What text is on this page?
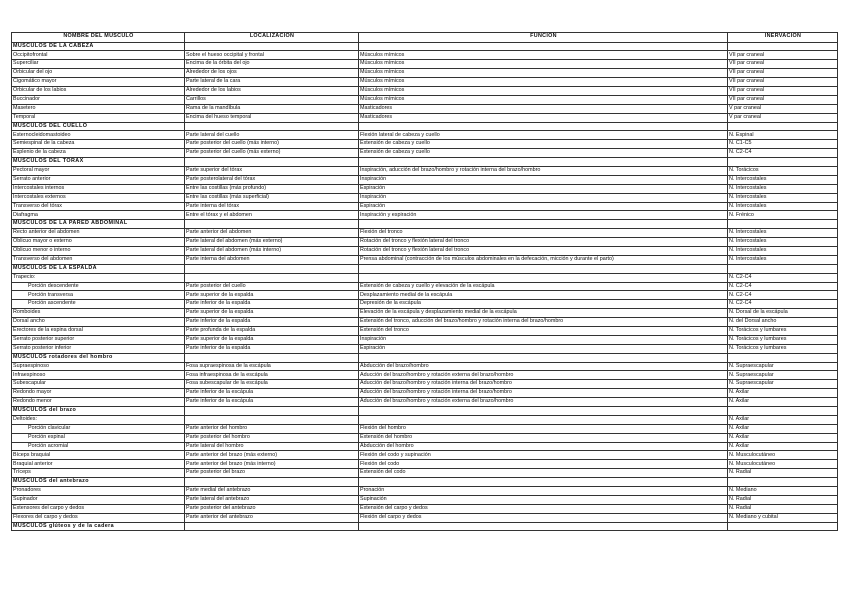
NOMBRE DEL MÚSCULO	LOCALIZACIÓN	FUNCIÓN	INERVACIÓN
MÚSCULOS DE LA CABEZA			
Occipitofrontal	Sobre el hueso occipital y frontal	Músculos mímicos	VII par craneal
Superciliar	Encima de la órbita del ojo	Músculos mímicos	VII par craneal
Orbicular del ojo	Alrededor de los ojos	Músculos mímicos	VII par craneal
Cigomático mayor	Parte lateral de la cara	Músculos mímicos	VII par craneal
Orbicular de los labios	Alrededor de los labios	Músculos mímicos	VII par craneal
Buccinador	Carrillos	Músculos mímicos	VII par craneal
Masetero	Rama de la mandíbula	Masticadores	V par craneal
Temporal	Encima del hueso temporal	Masticadores	V par craneal
MÚSCULOS DEL CUELLO			
Esternocleidomastoideo	Parte lateral del cuello	Flexión lateral de cabeza y cuello	N. Espinal
Semiespinal de la cabeza	Parte posterior del cuello (más interno)	Extensión de cabeza y cuello	N. C1-C5
Esplenio de la cabeza	Parte posterior del cuello (más externo)	Extensión de cabeza y cuello	N. C2-C4
MÚSCULOS DEL TÓRAX			
Pectoral mayor	Parte superior del tórax	Inspiración, aducción del brazo/hombro y rotación interna del brazo/hombro	N. Torácicos
Serrato anterior	Parte posterolateral del tórax	Inspiración	N. Intercostales
Intercostales internos	Entre las costillas (más profundo)	Espiración	N. Intercostales
Intercostales externos	Entre las costillas (más superficial)	Inspiración	N. Intercostales
Transverso del tórax	Parte interna del tórax	Espiración	N. Intercostales
Diafragma	Entre el tórax y el abdomen	Inspiración y espiración	N. Frénico
MÚSCULOS DE LA PARED ABDOMINAL			
Recto anterior del abdomen	Parte anterior del abdomen	Flexión del tronco	N. Intercostales
Oblicuo mayor o externo	Parte lateral del abdomen (más externo)	Rotación del tronco y flexión lateral del tronco	N. Intercostales
Oblicuo menor o interno	Parte lateral del abdomen (más interno)	Rotación del tronco y flexión lateral del tronco	N. Intercostales
Transverso del abdomen	Parte interna del abdomen	Prensa abdominal (contracción de los músculos abdominales en la defecación, micción y durante el parto)	N. Intercostales
MÚSCULOS DE LA ESPALDA			
Trapecio:			N. C2-C4
Porción descendente	Parte posterior del cuello	Extensión de cabeza y cuello y elevación de la escápula	N. C2-C4
Porción transversa	Parte superior de la espalda	Desplazamiento medial de la escápula	N. C2-C4
Porción ascendente	Parte inferior de la espalda	Depresión de la escápula	N. C2-C4
Romboides	Parte superior de la espalda	Elevación de la escápula y desplazamiento medial de la escápula	N. Dorsal de la escápula
Dorsal ancho	Parte inferior de la espalda	Extensión del tronco, aducción del brazo/hombro y rotación interna del brazo/hombro	N. del Dorsal ancho
Erectores de la espina dorsal	Parte profunda de la espalda	Extensión del tronco	N. Torácicos y lumbares
Serrato posterior superior	Parte superior de la espalda	Inspiración	N. Torácicos y lumbares
Serrato posterior inferior	Parte inferior de la espalda	Espiración	N. Torácicos y lumbares
MÚSCULOS rotadores del hombro			
Supraespinoso	Fosa supraespinosa de la escápula	Abducción del brazo/hombro	N. Supraescapular
Infraespinoso	Fosa infraespinosa de la escápula	Aducción del brazo/hombro y rotación externa del brazo/hombro	N. Supraescapular
Subescapular	Fosa subescapular de la escápula	Aducción del brazo/hombro y rotación interna del brazo/hombro	N. Supraescapular
Redondo mayor	Parte inferior de la escápula	Aducción del brazo/hombro y rotación interna del brazo/hombro	N. Axilar
Redondo menor	Parte inferior de la escápula	Aducción del brazo/hombro y rotación externa del brazo/hombro	N. Axilar
MÚSCULOS del brazo			
Deltoides:			N. Axilar
Porción clavicular	Parte anterior del hombro	Flexión del hombro	N. Axilar
Porción espinal	Parte posterior del hombro	Extensión del hombro	N. Axilar
Porción acromial	Parte lateral del hombro	Abducción del hombro	N. Axilar
Bíceps braquial	Parte anterior del brazo (más externo)	Flexión del codo y supinación	N. Musculocutáneo
Braquial anterior	Parte anterior del brazo (más interno)	Flexión del codo	N. Musculocutáneo
Tríceps	Parte posterior del brazo	Extensión del codo	N. Radial
MÚSCULOS del antebrazo			
Pronadores	Parte medial del antebrazo	Pronación	N. Mediano
Supinador	Parte lateral del antebrazo	Supinación	N. Radial
Extensores del carpo y dedos	Parte posterior del antebrazo	Extensión del carpo y dedos	N. Radial
Flexores del carpo y dedos	Parte anterior del antebrazo	Flexión del carpo y dedos	N. Mediano y cubital
MÚSCULOS glúteos y de la cadera			
